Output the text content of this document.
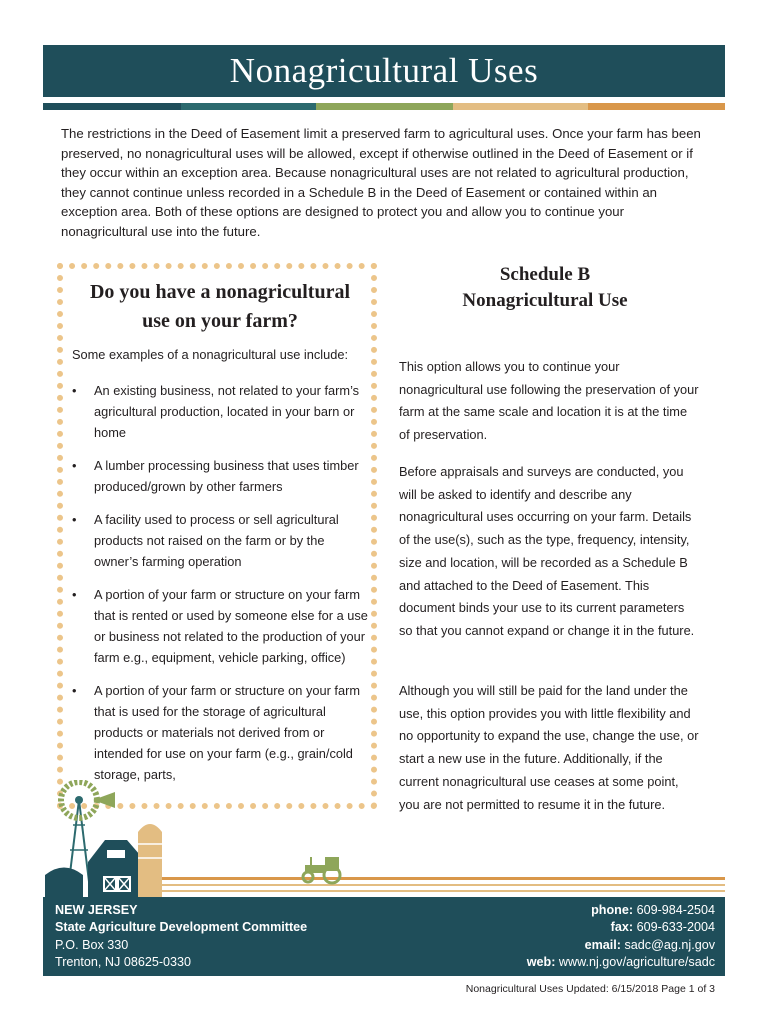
Nonagricultural Uses

The restrictions in the Deed of Easement limit a preserved farm to agricultural uses. Once your farm has been preserved, no nonagricultural uses will be allowed, except if otherwise outlined in the Deed of Easement or if they occur within an exception area. Because nonagricultural uses are not related to agricultural production, they cannot continue unless recorded in a Schedule B in the Deed of Easement or contained within an exception area. Both of these options are designed to protect you and allow you to continue your nonagricultural use into the future.

Do you have a nonagricultural
use on your farm?

Some examples of a nonagricultural use include:

• An existing business, not related to your farm’s agricultural production, located in your barn or home
• A lumber processing business that uses timber produced/grown by other farmers
• A facility used to process or sell agricultural products not raised on the farm or by the owner’s farming operation
• A portion of your farm or structure on your farm that is rented or used by someone else for a use or business not related to the production of your farm e.g., equipment, vehicle parking, office)
• A portion of your farm or structure on your farm that is used for the storage of agricultural products or materials not derived from or intended for use on your farm (e.g., grain/cold storage, parts,
Schedule B
Nonagricultural Use

This option allows you to continue your nonagricultural use following the preservation of your farm at the same scale and location it is at the time of preservation.

Before appraisals and surveys are conducted, you will be asked to identify and describe any nonagricultural uses occurring on your farm. Details of the use(s), such as the type, frequency, intensity, size and location, will be recorded as a Schedule B and attached to the Deed of Easement. This document binds your use to its current parameters so that you cannot expand or change it in the future.

Although you will still be paid for the land under the use, this option provides you with little flexibility and no opportunity to expand the use, change the use, or start a new use in the future. Additionally, if the current nonagricultural use ceases at some point, you are not permitted to resume it in the future.

NEW JERSEY
State Agriculture Development Committee
P.O. Box 330
Trenton, NJ 08625-0330
phone: 609-984-2504
fax: 609-633-2004
email: sadc@ag.nj.gov
web: www.nj.gov/agriculture/sadc
Nonagricultural Uses Updated: 6/15/2018 Page 1 of 3
